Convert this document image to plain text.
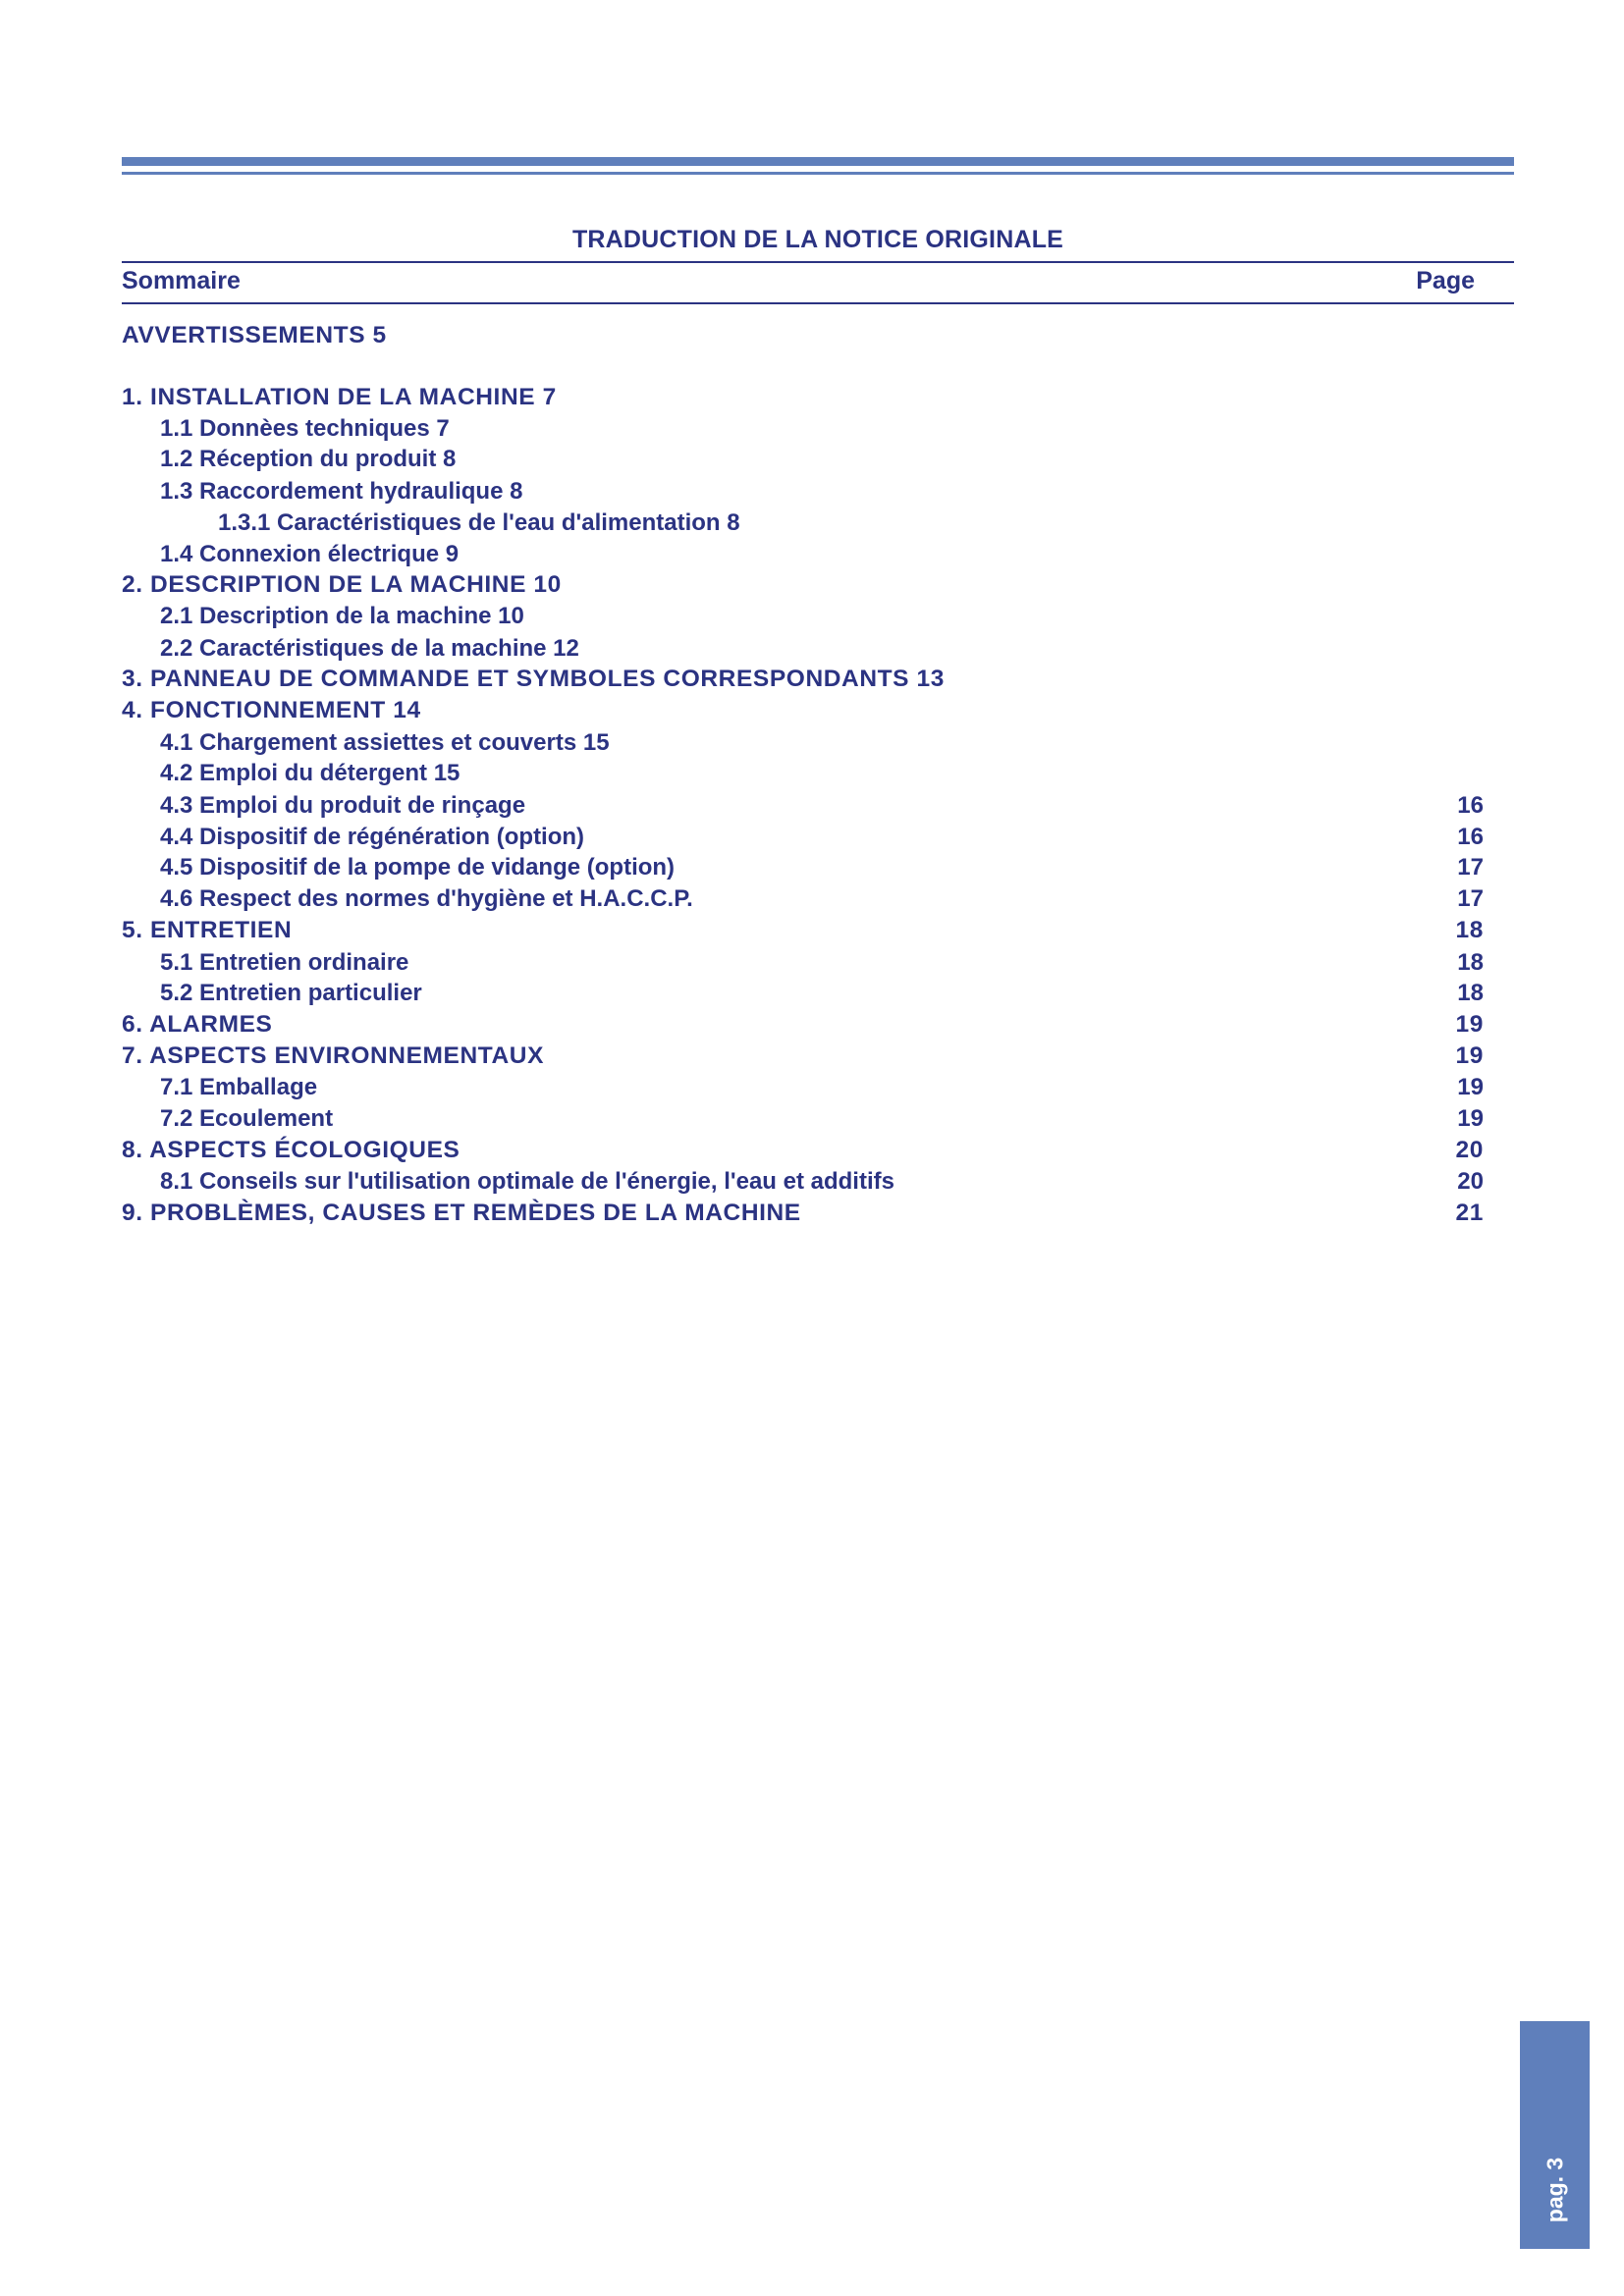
TRADUCTION DE LA NOTICE ORIGINALE
Sommaire	Page
AVVERTISSEMENTS 5
1. INSTALLATION DE LA MACHINE 7
1.1 Donnèes techniques 7
1.2 Réception du produit 8
1.3 Raccordement hydraulique 8
1.3.1 Caractéristiques de l'eau d'alimentation 8
1.4 Connexion électrique 9
2. DESCRIPTION DE LA MACHINE 10
2.1 Description de la machine 10
2.2 Caractéristiques de la machine 12
3. PANNEAU DE COMMANDE ET SYMBOLES CORRESPONDANTS 13
4. FONCTIONNEMENT 14
4.1 Chargement assiettes et couverts 15
4.2 Emploi du détergent 15
4.3 Emploi du produit de rinçage	16
4.4 Dispositif de régénération (option)	16
4.5 Dispositif de la pompe de vidange (option)	17
4.6 Respect des normes d'hygiène et H.A.C.C.P.	17
5. ENTRETIEN	18
5.1 Entretien ordinaire	18
5.2 Entretien particulier	18
6. ALARMES	19
7. ASPECTS ENVIRONNEMENTAUX	19
7.1 Emballage	19
7.2 Ecoulement	19
8. ASPECTS ÉCOLOGIQUES	20
8.1 Conseils sur l'utilisation optimale de l'énergie, l'eau et additifs	20
9. PROBLÈMES, CAUSES ET REMÈDES DE LA MACHINE	21
pag. 3
